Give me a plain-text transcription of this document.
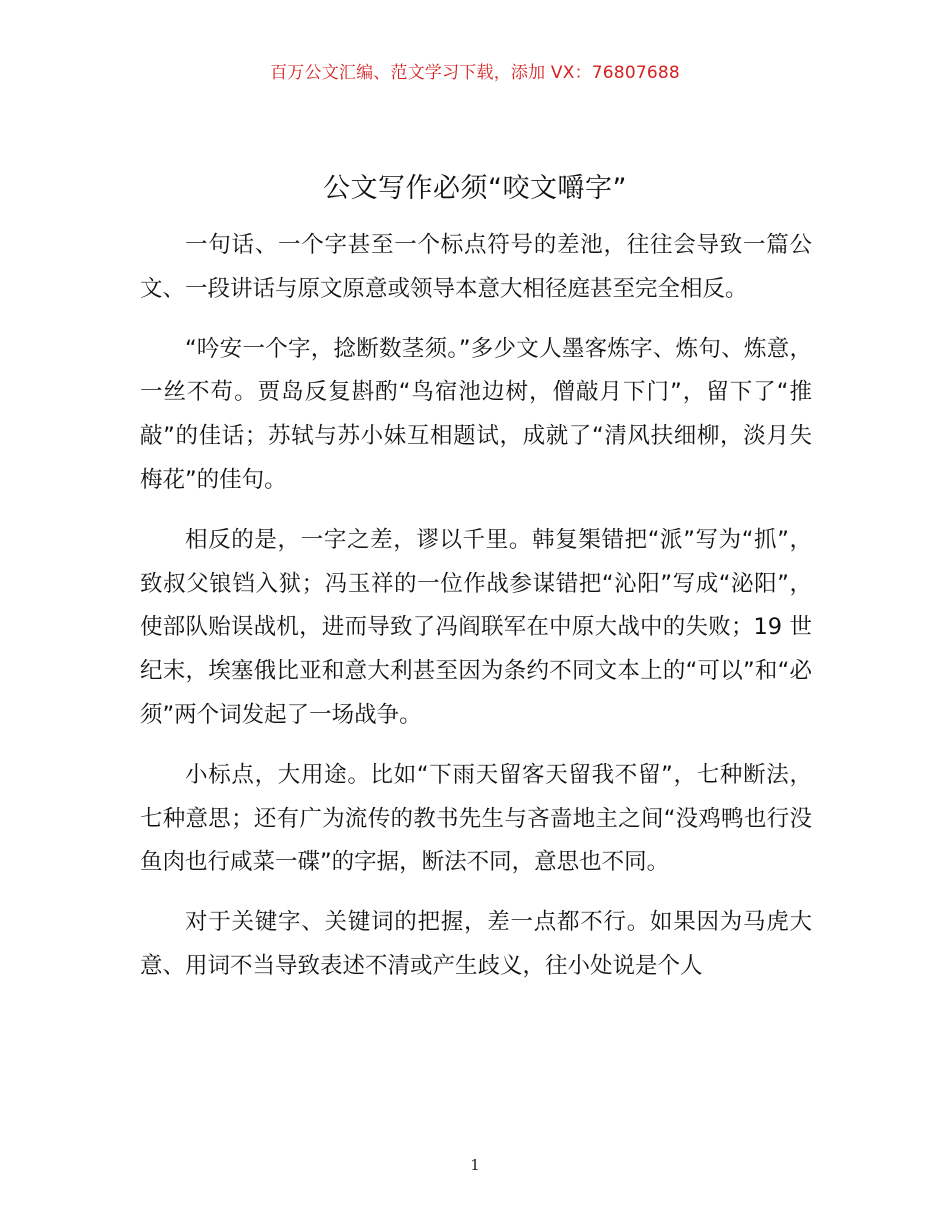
百万公文汇编、范文学习下载，添加 VX：76807688
公文写作必须“咬文嚼字”

一句话、一个字甚至一个标点符号的差池，往往会导致一篇公文、一段讲话与原文原意或领导本意大相径庭甚至完全相反。

“吟安一个字，捻断数茎须。”多少文人墨客炼字、炼句、炼意，一丝不苟。贾岛反复斟酌“鸟宿池边树，僧敲月下门”，留下了“推敲”的佳话；苏轼与苏小妹互相题试，成就了“清风扶细柳，淡月失梅花”的佳句。

相反的是，一字之差，谬以千里。韩复榘错把“派”写为“抓”，致叔父锒铛入狱；冯玉祥的一位作战参谋错把“沁阳”写成“泌阳”，使部队贻误战机，进而导致了冯阎联军在中原大战中的失败；19 世纪末，埃塞俄比亚和意大利甚至因为条约不同文本上的“可以”和“必须”两个词发起了一场战争。

小标点，大用途。比如“下雨天留客天留我不留”，七种断法，七种意思；还有广为流传的教书先生与吝啬地主之间“没鸡鸭也行没鱼肉也行咸菜一碟”的字据，断法不同，意思也不同。

对于关键字、关键词的把握，差一点都不行。如果因为马虎大意、用词不当导致表述不清或产生歧义，往小处说是个人

1
